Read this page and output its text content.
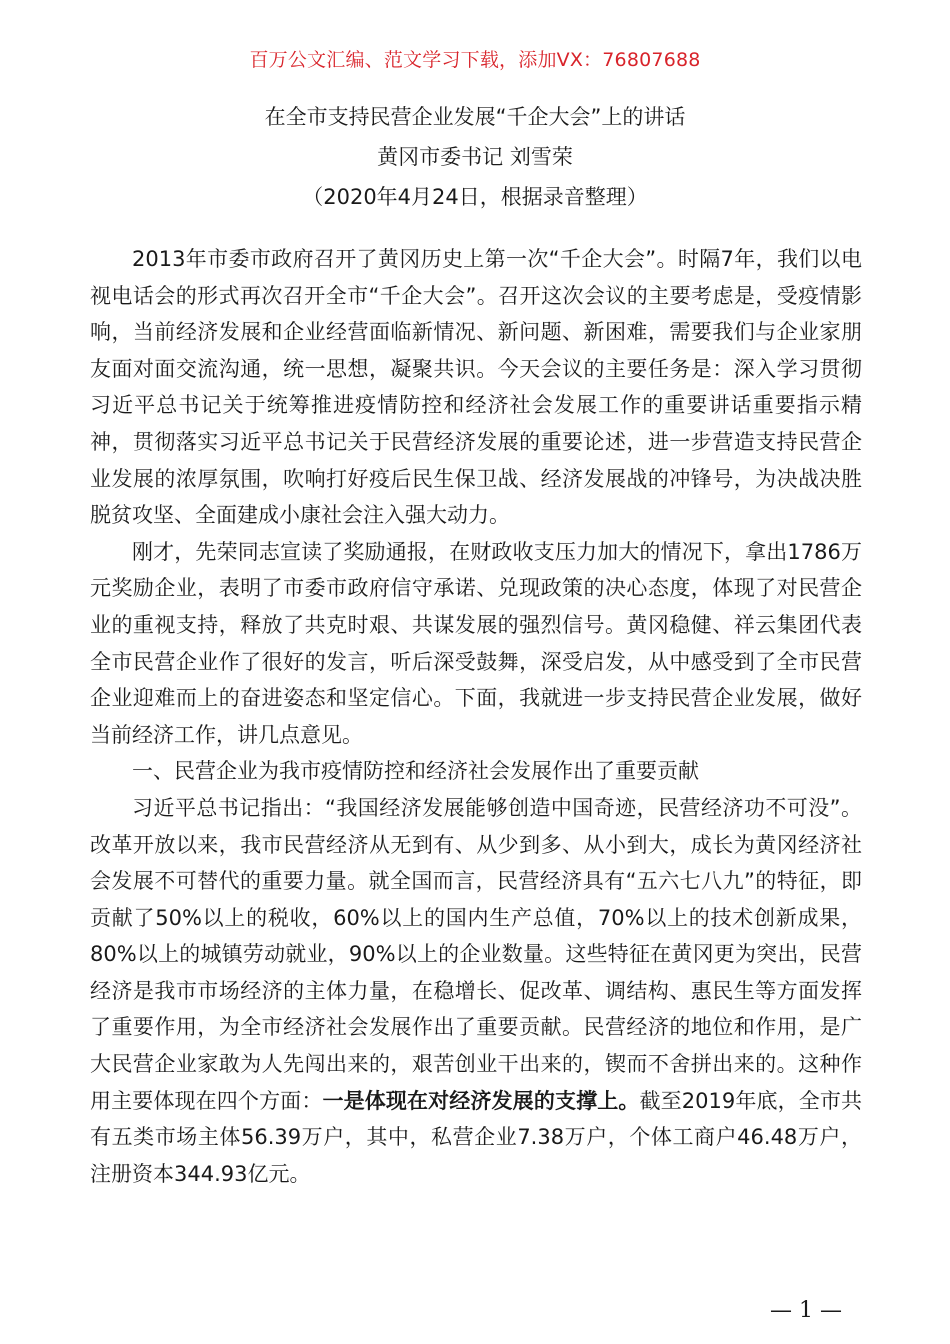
百万公文汇编、范文学习下载，添加VX：76807688
在全市支持民营企业发展“千企大会”上的讲话
黄冈市委书记 刘雪荣
（2020年4月24日，根据录音整理）

2013年市委市政府召开了黄冈历史上第一次“千企大会”。时隔7年，我们以电视电话会的形式再次召开全市“千企大会”。召开这次会议的主要考虑是，受疫情影响，当前经济发展和企业经营面临新情况、新问题、新困难，需要我们与企业家朋友面对面交流沟通，统一思想，凝聚共识。今天会议的主要任务是：深入学习贯彻习近平总书记关于统筹推进疫情防控和经济社会发展工作的重要讲话重要指示精神，贯彻落实习近平总书记关于民营经济发展的重要论述，进一步营造支持民营企业发展的浓厚氛围，吹响打好疫后民生保卫战、经济发展战的冲锋号，为决战决胜脱贫攻坚、全面建成小康社会注入强大动力。

刚才，先荣同志宣读了奖励通报，在财政收支压力加大的情况下，拿出1786万元奖励企业，表明了市委市政府信守承诺、兑现政策的决心态度，体现了对民营企业的重视支持，释放了共克时艰、共谋发展的强烈信号。黄冈稳健、祥云集团代表全市民营企业作了很好的发言，听后深受鼓舞，深受启发，从中感受到了全市民营企业迎难而上的奋进姿态和坚定信心。下面，我就进一步支持民营企业发展，做好当前经济工作，讲几点意见。

一、民营企业为我市疫情防控和经济社会发展作出了重要贡献

习近平总书记指出：“我国经济发展能够创造中国奇迹，民营经济功不可没”。改革开放以来，我市民营经济从无到有、从少到多、从小到大，成长为黄冈经济社会发展不可替代的重要力量。就全国而言，民营经济具有“五六七八九”的特征，即贡献了50%以上的税收，60%以上的国内生产总值，70%以上的技术创新成果，80%以上的城镇劳动就业，90%以上的企业数量。这些特征在黄冈更为突出，民营经济是我市市场经济的主体力量，在稳增长、促改革、调结构、惠民生等方面发挥了重要作用，为全市经济社会发展作出了重要贡献。民营经济的地位和作用，是广大民营企业家敢为人先闯出来的，艰苦创业干出来的，锲而不舍拼出来的。这种作用主要体现在四个方面：一是体现在对经济发展的支撑上。截至2019年底，全市共有五类市场主体56.39万户，其中，私营企业7.38万户，个体工商户46.48万户，注册资本344.93亿元。

— 1 —
